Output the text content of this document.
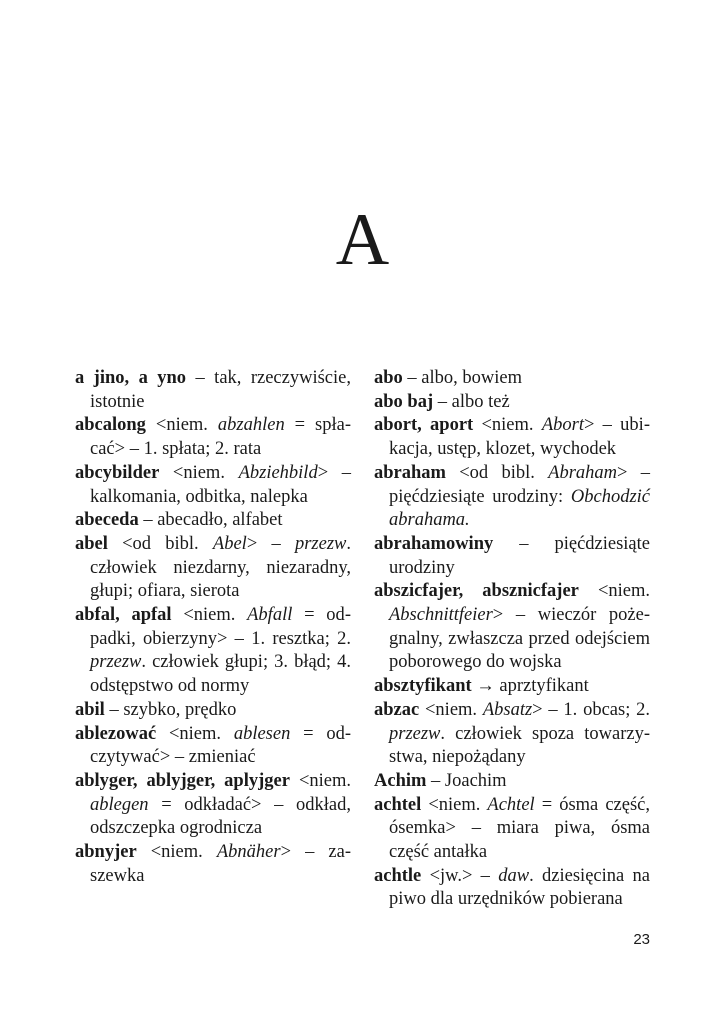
A

a jino, a yno – tak, rzeczywiście, istotnie

abcalong <niem. abzahlen = spłacać> – 1. spłata; 2. rata

abcybilder <niem. Abziehbild> – kalkomania, odbitka, nalepka

abeceda – abecadło, alfabet

abel <od bibl. Abel> – przezw. człowiek niezdarny, niezaradny, głupi; ofiara, sierota

abfal, apfal <niem. Abfall = odpadki, obierzyny> – 1. resztka; 2. przezw. człowiek głupi; 3. błąd; 4. odstępstwo od normy

abil – szybko, prędko

ablezować <niem. ablesen = odczytywać> – zmieniać

ablyger, ablyjger, aplyjger <niem. ablegen = odkładać> – odkład, odszczepka ogrodnicza

abnyjer <niem. Abnäher> – zaszewka

abo – albo, bowiem

abo baj – albo też

abort, aport <niem. Abort> – ubikacja, ustęp, klozet, wychodek

abraham <od bibl. Abraham> – pięćdziesiąte urodziny: Obchodzić abrahama.

abrahamowiny – pięćdziesiąte urodziny

abszicfajer, absznicfajer <niem. Abschnittfeier> – wieczór pożegnalny, zwłaszcza przed odejściem poborowego do wojska

absztyfikant → aprztyfikant

abzac <niem. Absatz> – 1. obcas; 2. przezw. człowiek spoza towarzystwa, niepożądany

Achim – Joachim

achtel <niem. Achtel = ósma część, ósemka> – miara piwa, ósma część antałka

achtle <jw.> – daw. dziesięcina na piwo dla urzędników pobierana

23
